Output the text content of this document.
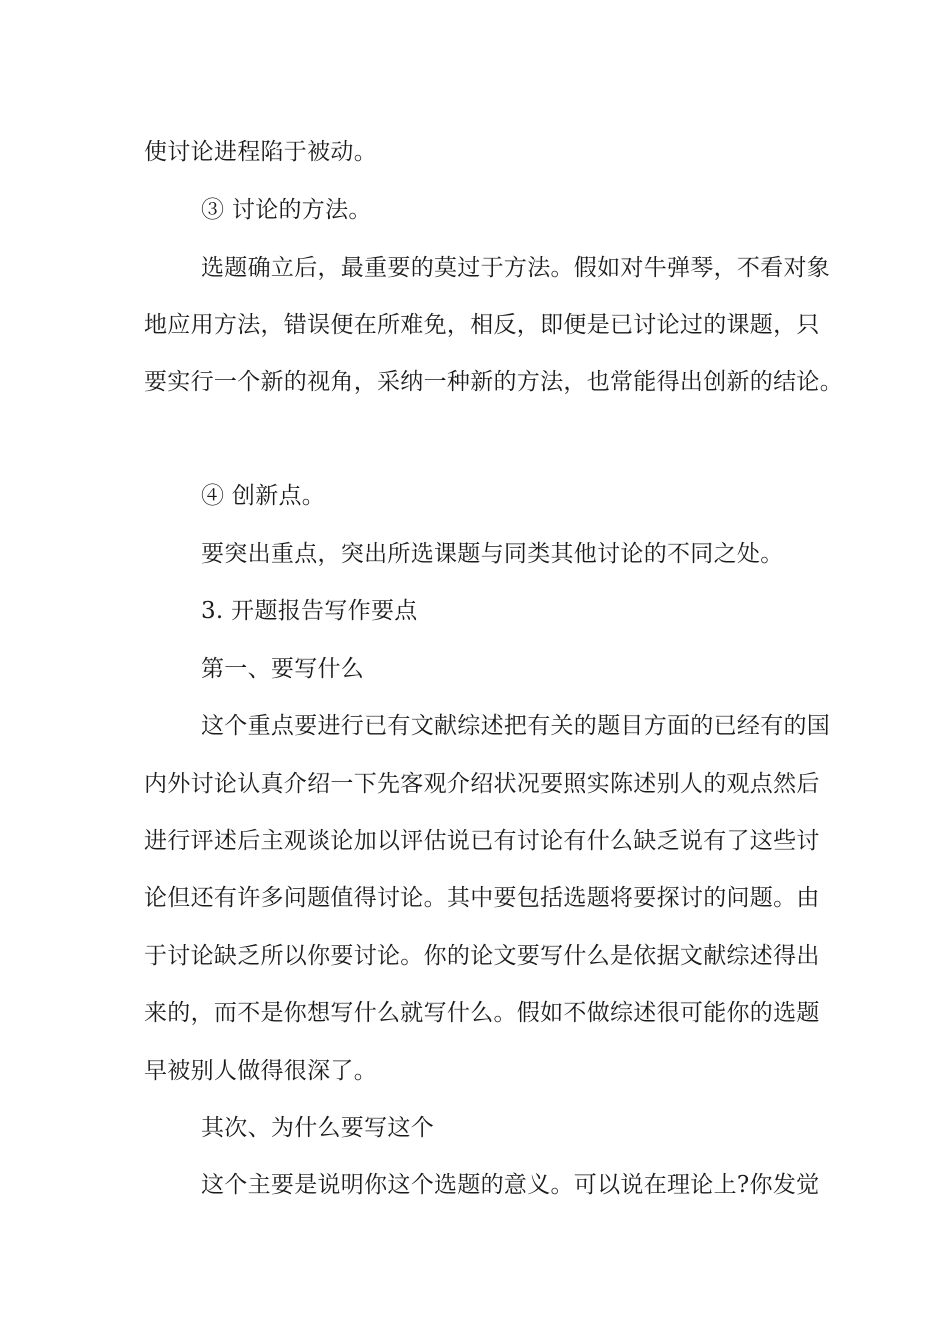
使讨论进程陷于被动。
③ 讨论的方法。
选题确立后，最重要的莫过于方法。假如对牛弹琴，不看对象
地应用方法，错误便在所难免，相反，即便是已讨论过的课题，只
要实行一个新的视角，采纳一种新的方法，也常能得出创新的结论。
④ 创新点。
要突出重点，突出所选课题与同类其他讨论的不同之处。
3. 开题报告写作要点
第一、要写什么
这个重点要进行已有文献综述把有关的题目方面的已经有的国
内外讨论认真介绍一下先客观介绍状况要照实陈述别人的观点然后
进行评述后主观谈论加以评估说已有讨论有什么缺乏说有了这些讨
论但还有许多问题值得讨论。其中要包括选题将要探讨的问题。由
于讨论缺乏所以你要讨论。你的论文要写什么是依据文献综述得出
来的，而不是你想写什么就写什么。假如不做综述很可能你的选题
早被别人做得很深了。
其次、为什么要写这个
这个主要是说明你这个选题的意义。可以说在理论上?你发觉
